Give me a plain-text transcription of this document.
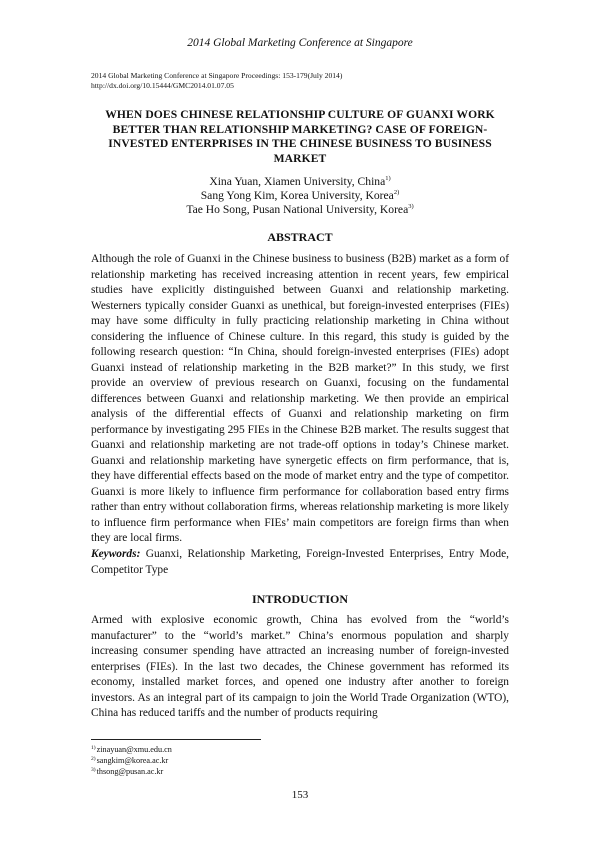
2014 Global Marketing Conference at Singapore
2014 Global Marketing Conference at Singapore Proceedings: 153-179(July 2014)
http://dx.doi.org/10.15444/GMC2014.01.07.05
WHEN DOES CHINESE RELATIONSHIP CULTURE OF GUANXI WORK BETTER THAN RELATIONSHIP MARKETING? CASE OF FOREIGN-INVESTED ENTERPRISES IN THE CHINESE BUSINESS TO BUSINESS MARKET
Xina Yuan, Xiamen University, China$^{1)}$
Sang Yong Kim, Korea University, Korea$^{2)}$
Tae Ho Song, Pusan National University, Korea$^{3)}$
ABSTRACT

Although the role of Guanxi in the Chinese business to business (B2B) market as a form of relationship marketing has received increasing attention in recent years, few empirical studies have explicitly distinguished between Guanxi and relationship marketing. Westerners typically consider Guanxi as unethical, but foreign-invested enterprises (FIEs) may have some difficulty in fully practicing relationship marketing in China without considering the influence of Chinese culture. In this regard, this study is guided by the following research question: “In China, should foreign-invested enterprises (FIEs) adopt Guanxi instead of relationship marketing in the B2B market?” In this study, we first provide an overview of previous research on Guanxi, focusing on the fundamental differences between Guanxi and relationship marketing. We then provide an empirical analysis of the differential effects of Guanxi and relationship marketing on firm performance by investigating 295 FIEs in the Chinese B2B market. The results suggest that Guanxi and relationship marketing are not trade-off options in today’s Chinese market. Guanxi and relationship marketing have synergetic effects on firm performance, that is, they have differential effects based on the mode of market entry and the type of competitor. Guanxi is more likely to influence firm performance for collaboration based entry firms rather than entry without collaboration firms, whereas relationship marketing is more likely to influence firm performance when FIEs’ main competitors are foreign firms than when they are local firms.

Keywords: Guanxi, Relationship Marketing, Foreign-Invested Enterprises, Entry Mode, Competitor Type

INTRODUCTION

Armed with explosive economic growth, China has evolved from the “world’s manufacturer” to the “world’s market.” China’s enormous population and sharply increasing consumer spending have attracted an increasing number of foreign-invested enterprises (FIEs). In the last two decades, the Chinese government has reformed its economy, installed market forces, and opened one industry after another to foreign investors. As an integral part of its campaign to join the World Trade Organization (WTO), China has reduced tariffs and the number of products requiring

$^{1)}$zinayuan@xmu.edu.cn
$^{2)}$sangkim@korea.ac.kr
$^{3)}$thsong@pusan.ac.kr
153
